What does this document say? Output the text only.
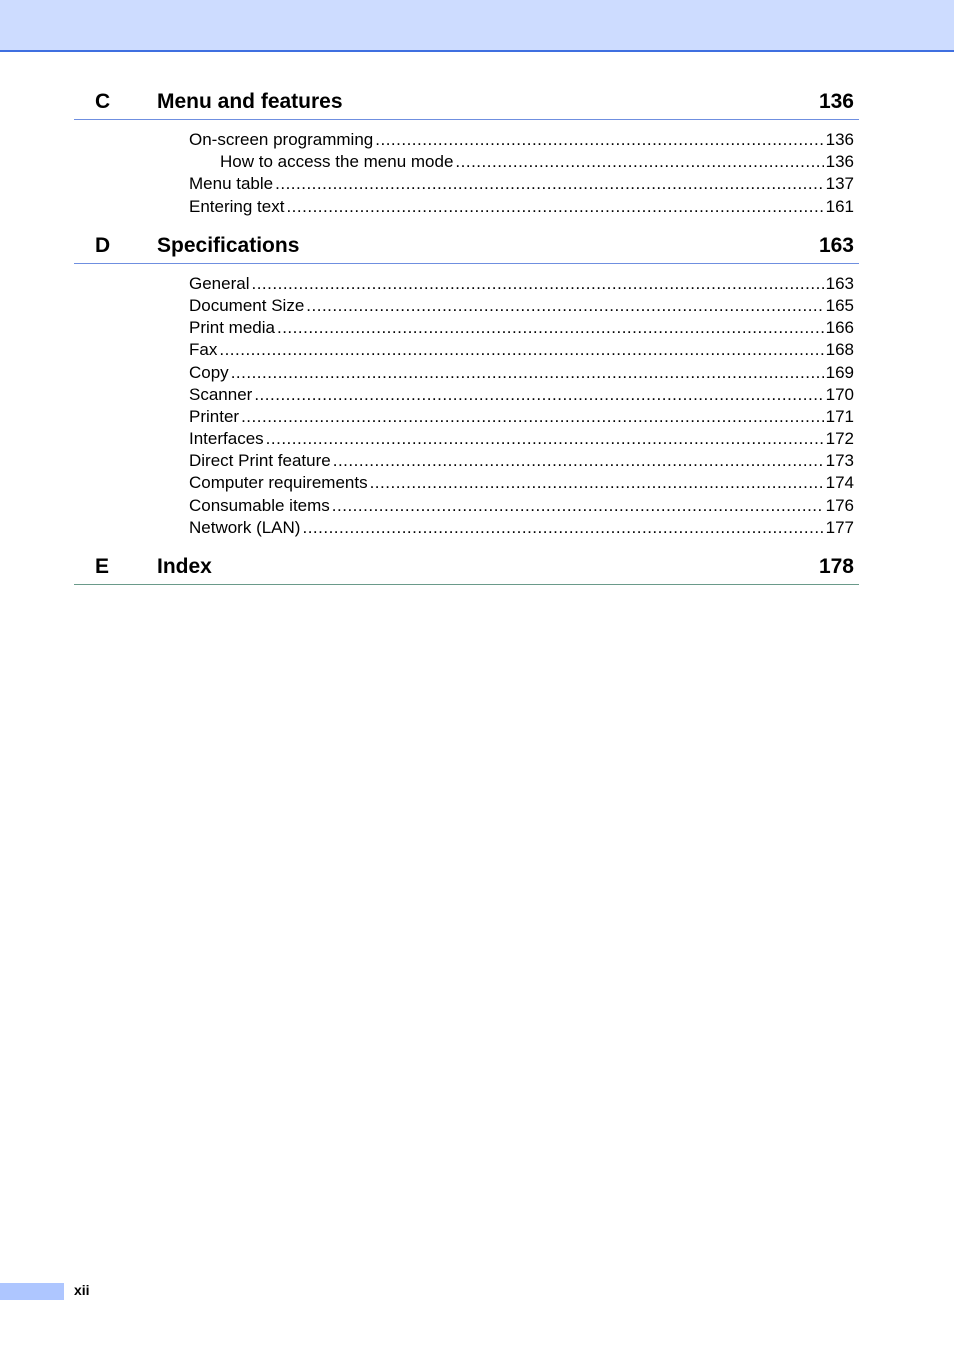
C Menu and features	136
On-screen programming .....	136
How to access the menu mode .....	136
Menu table .....	137
Entering text .....	161
D Specifications	163
General .....	163
Document Size .....	165
Print media .....	166
Fax .....	168
Copy .....	169
Scanner .....	170
Printer .....	171
Interfaces .....	172
Direct Print feature .....	173
Computer requirements .....	174
Consumable items .....	176
Network (LAN) .....	177
E Index	178
xii
